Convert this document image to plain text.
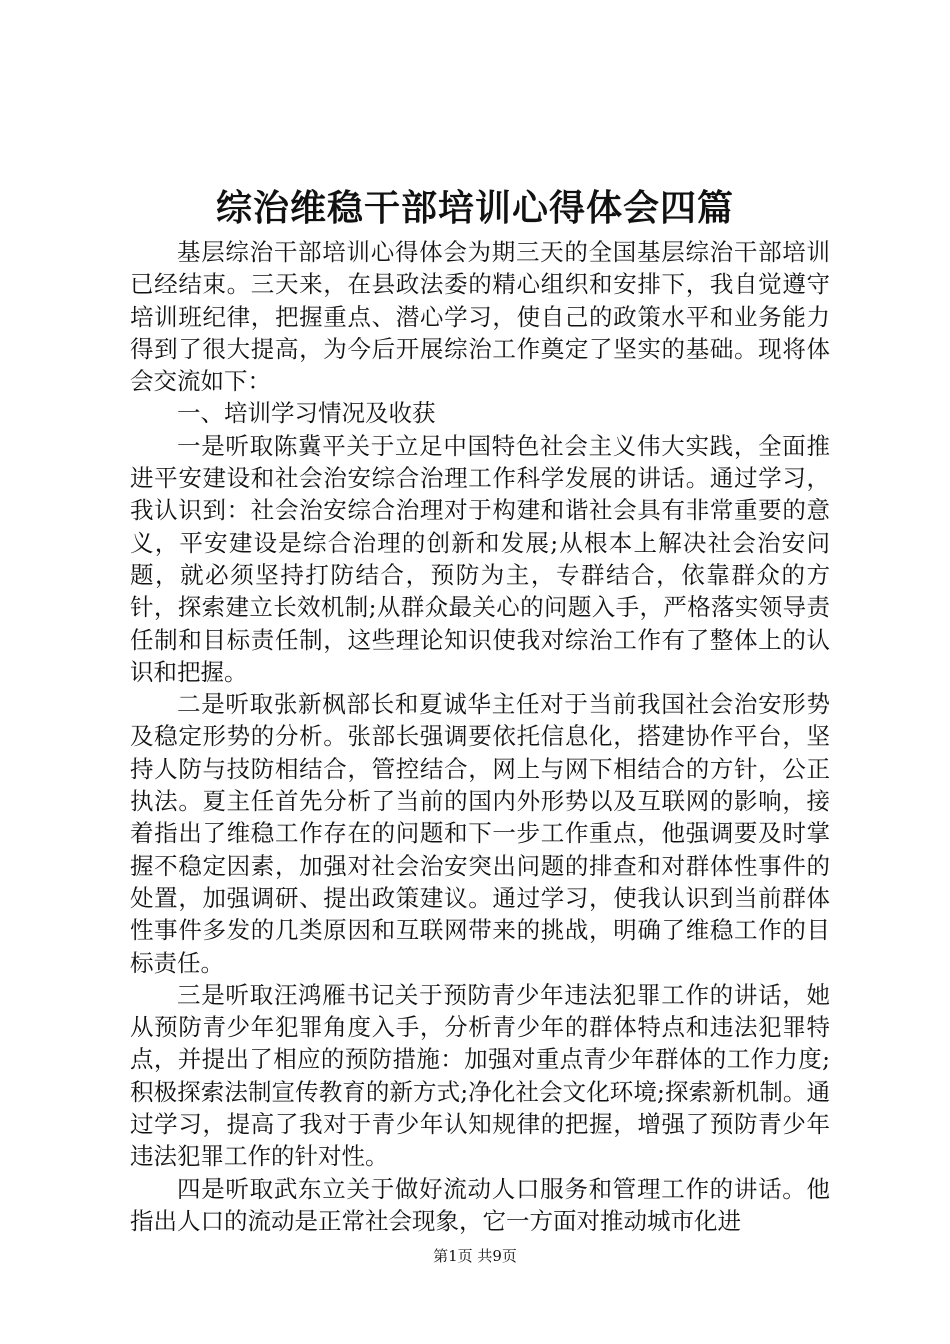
综治维稳干部培训心得体会四篇

基层综治干部培训心得体会为期三天的全国基层综治干部培训已经结束。三天来，在县政法委的精心组织和安排下，我自觉遵守培训班纪律，把握重点、潜心学习，使自己的政策水平和业务能力得到了很大提高，为今后开展综治工作奠定了坚实的基础。现将体会交流如下：

一、培训学习情况及收获

一是听取陈冀平关于立足中国特色社会主义伟大实践，全面推进平安建设和社会治安综合治理工作科学发展的讲话。通过学习，我认识到：社会治安综合治理对于构建和谐社会具有非常重要的意义，平安建设是综合治理的创新和发展;从根本上解决社会治安问题，就必须坚持打防结合，预防为主，专群结合，依靠群众的方针，探索建立长效机制;从群众最关心的问题入手，严格落实领导责任制和目标责任制，这些理论知识使我对综治工作有了整体上的认识和把握。

二是听取张新枫部长和夏诚华主任对于当前我国社会治安形势及稳定形势的分析。张部长强调要依托信息化，搭建协作平台，坚持人防与技防相结合，管控结合，网上与网下相结合的方针，公正执法。夏主任首先分析了当前的国内外形势以及互联网的影响，接着指出了维稳工作存在的问题和下一步工作重点，他强调要及时掌握不稳定因素，加强对社会治安突出问题的排查和对群体性事件的处置，加强调研、提出政策建议。通过学习，使我认识到当前群体性事件多发的几类原因和互联网带来的挑战，明确了维稳工作的目标责任。

三是听取汪鸿雁书记关于预防青少年违法犯罪工作的讲话，她从预防青少年犯罪角度入手，分析青少年的群体特点和违法犯罪特点，并提出了相应的预防措施：加强对重点青少年群体的工作力度;积极探索法制宣传教育的新方式;净化社会文化环境;探索新机制。通过学习，提高了我对于青少年认知规律的把握，增强了预防青少年违法犯罪工作的针对性。

四是听取武东立关于做好流动人口服务和管理工作的讲话。他指出人口的流动是正常社会现象，它一方面对推动城市化进

第1页 共9页
